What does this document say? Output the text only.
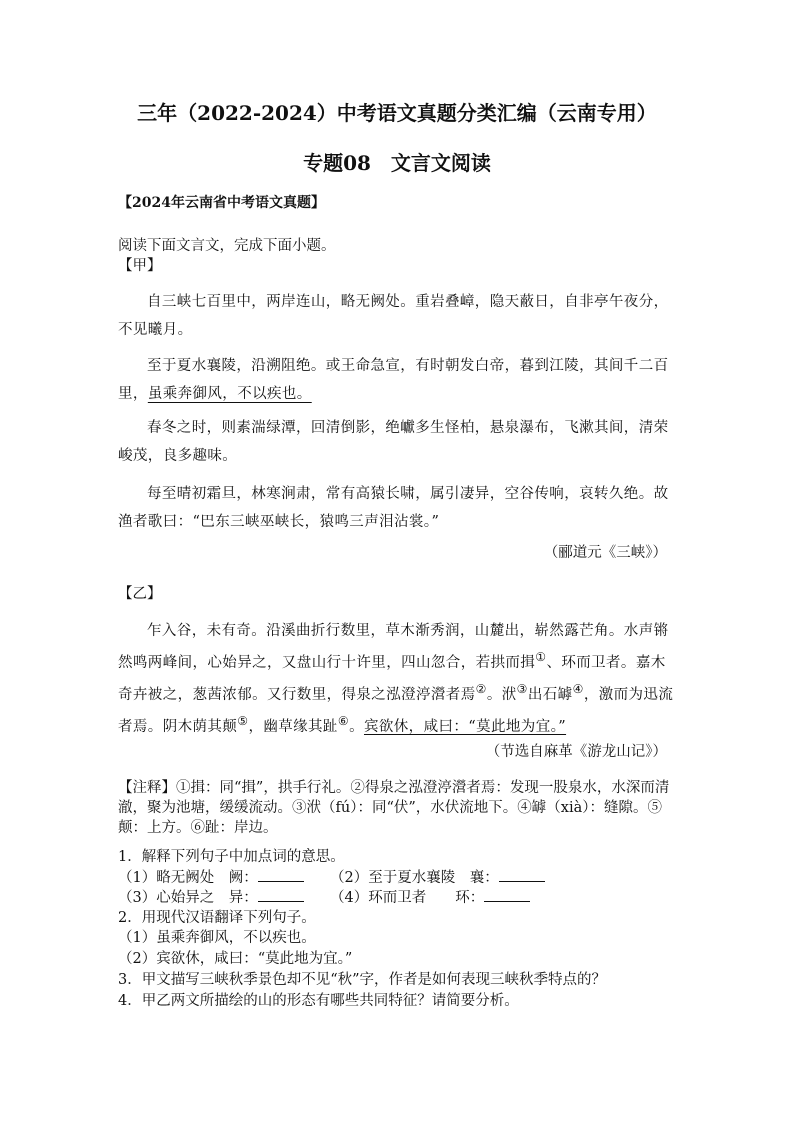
三年（2022-2024）中考语文真题分类汇编（云南专用）
专题08　文言文阅读
【2024年云南省中考语文真题】
阅读下面文言文，完成下面小题。
【甲】
自三峡七百里中，两岸连山，略无阙处。重岩叠嶂，隐天蔽日，自非亭午夜分，不见曦月。
至于夏水襄陵，沿溯阻绝。或王命急宣，有时朝发白帝，暮到江陵，其间千二百里，虽乘奔御风，不以疾也。
春冬之时，则素湍绿潭，回清倒影，绝巘多生怪柏，悬泉瀑布，飞漱其间，清荣峻茂，良多趣味。
每至晴初霜旦，林寒涧肃，常有高猿长啸，属引凄异，空谷传响，哀转久绝。故渔者歌曰：“巴东三峡巫峡长，猿鸣三声泪沾裳。”
（郦道元《三峡》）
【乙】
乍入谷，未有奇。沿溪曲折行数里，草木渐秀润，山麓出，崭然露芒角。水声锵然鸣两峰间，心始异之，又盘山行十许里，四山忽合，若拱而揖①、环而卫者。嘉木奇卉被之，葱茜浓郁。又行数里，得泉之泓澄渟瀯者焉②。洑③出石罅④，激而为迅流者焉。阴木荫其颠⑤，幽草缘其趾⑥。宾欲休，咸曰：“莫此地为宜。”
（节选自麻革《游龙山记》）
【注释】①揖：同“揖”，拱手行礼。②得泉之泓澄渟瀯者焉：发现一股泉水，水深而清澈，聚为池塘，缓缓流动。③洑（fú）：同“伏”，水伏流地下。④罅（xià）：缝隙。⑤颠：上方。⑥趾：岸边。
1．解释下列句子中加点词的意思。
（1）略无阙处　阙：	（2）至于夏水襄陵　襄：
（3）心始异之　异：	（4）环而卫者　　环：
2．用现代汉语翻译下列句子。
（1）虽乘奔御风，不以疾也。
（2）宾欲休，咸曰：“莫此地为宜。”
3．甲文描写三峡秋季景色却不见“秋”字，作者是如何表现三峡秋季特点的？
4．甲乙两文所描绘的山的形态有哪些共同特征？请简要分析。
